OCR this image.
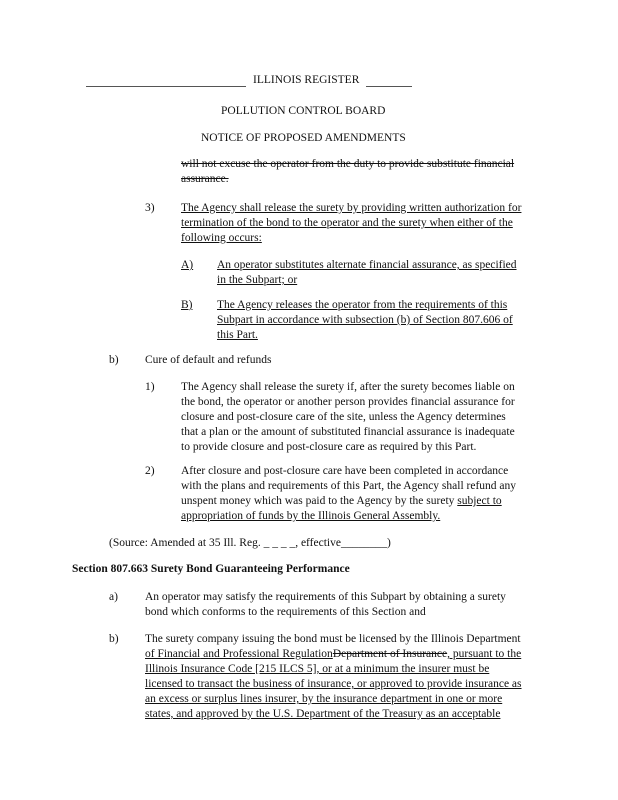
ILLINOIS REGISTER
POLLUTION CONTROL BOARD
NOTICE OF PROPOSED AMENDMENTS
will not excuse the operator from the duty to provide substitute financial
assurance.
3) The Agency shall release the surety by providing written authorization for
termination of the bond to the operator and the surety when either of the
following occurs:
A) An operator substitutes alternate financial assurance, as specified
in the Subpart; or
B) The Agency releases the operator from the requirements of this
Subpart in accordance with subsection (b) of Section 807.606 of
this Part.
b) Cure of default and refunds
1) The Agency shall release the surety if, after the surety becomes liable on
the bond, the operator or another person provides financial assurance for
closure and post-closure care of the site, unless the Agency determines
that a plan or the amount of substituted financial assurance is inadequate
to provide closure and post-closure care as required by this Part.
2) After closure and post-closure care have been completed in accordance
with the plans and requirements of this Part, the Agency shall refund any
unspent money which was paid to the Agency by the surety subject to
appropriation of funds by the Illinois General Assembly.
(Source: Amended at 35 Ill. Reg. _ _ _ _, effective________)
Section 807.663 Surety Bond Guaranteeing Performance
a) An operator may satisfy the requirements of this Subpart by obtaining a surety
bond which conforms to the requirements of this Section and
b) The surety company issuing the bond must be licensed by the Illinois Department
of Financial and Professional RegulationDepartment of Insurance, pursuant to the
Illinois Insurance Code [215 ILCS 5], or at a minimum the insurer must be
licensed to transact the business of insurance, or approved to provide insurance as
an excess or surplus lines insurer, by the insurance department in one or more
states, and approved by the U.S. Department of the Treasury as an acceptable
